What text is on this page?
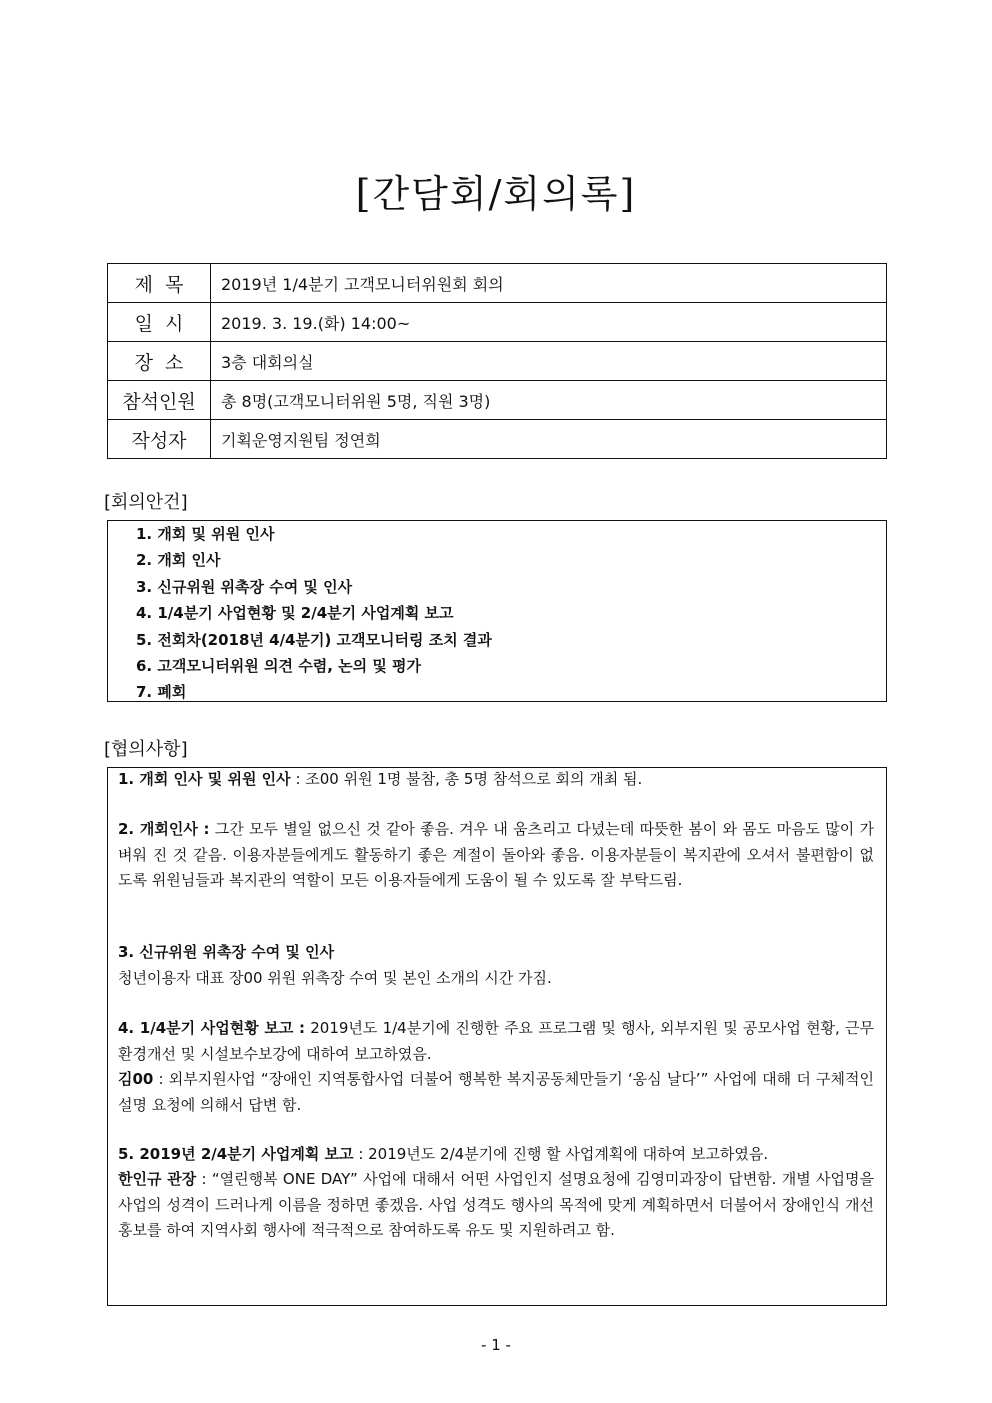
[간담회/회의록]
제  목	2019년 1/4분기 고객모니터위원회 회의
일  시	2019. 3. 19.(화) 14:00~
장  소	3층 대회의실
참석인원	총 8명(고객모니터위원 5명, 직원 3명)
작성자	기획운영지원팀 정연희
[회의안건]
1. 개회 및 위원 인사
2. 개회 인사
3. 신규위원 위촉장 수여 및 인사
4. 1/4분기 사업현황 및 2/4분기 사업계획 보고
5. 전회차(2018년 4/4분기) 고객모니터링 조치 결과
6. 고객모니터위원 의견 수렴, 논의 및 평가
7. 폐회
[협의사항]
1. 개회 인사 및 위원 인사 : 조00 위원 1명 불참, 총 5명 참석으로 회의 개최 됨.
2. 개회인사 : 그간 모두 별일 없으신 것 같아 좋음. 겨우 내 움츠리고 다녔는데 따뜻한 봄이 와 몸도 마음도 많이 가벼워 진 것 같음. 이용자분들에게도 활동하기 좋은 계절이 돌아와 좋음. 이용자분들이 복지관에 오셔서 불편함이 없도록 위원님들과 복지관의 역할이 모든 이용자들에게 도움이 될 수 있도록 잘 부탁드림.
3. 신규위원 위촉장 수여 및 인사
청년이용자 대표 장00 위원 위촉장 수여 및 본인 소개의 시간 가짐.
4. 1/4분기 사업현황 보고 : 2019년도 1/4분기에 진행한 주요 프로그램 및 행사, 외부지원 및 공모사업 현황, 근무환경개선 및 시설보수보강에 대하여 보고하였음.
김00 : 외부지원사업 “장애인 지역통합사업 더불어 행복한 복지공동체만들기 ‘옹심 날다’” 사업에 대해 더 구체적인 설명 요청에 의해서 답변 함.
5. 2019년 2/4분기 사업계획 보고 : 2019년도 2/4분기에 진행 할 사업계획에 대하여 보고하였음.
한인규 관장 : “열린행복 ONE DAY” 사업에 대해서 어떤 사업인지 설명요청에 김영미과장이 답변함. 개별 사업명을 사업의 성격이 드러나게 이름을 정하면 좋겠음. 사업 성격도 행사의 목적에 맞게 계획하면서 더불어서 장애인식 개선 홍보를 하여 지역사회 행사에 적극적으로 참여하도록 유도 및 지원하려고 함.
- 1 -
